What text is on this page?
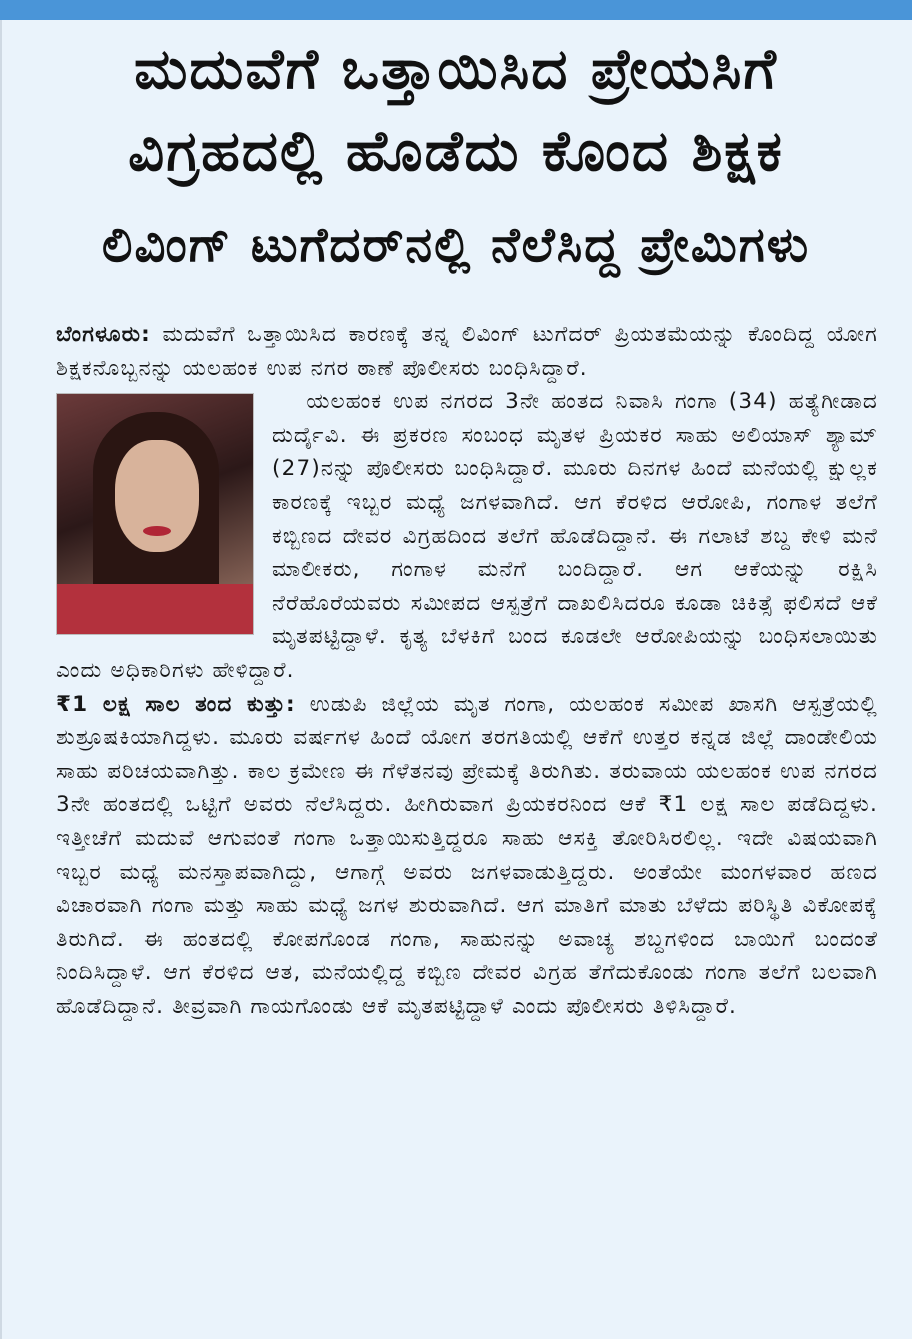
ಮದುವೆಗೆ ಒತ್ತಾಯಿಸಿದ ಪ್ರೇಯಸಿಗೆ
ವಿಗ್ರಹದಲ್ಲಿ ಹೊಡೆದು ಕೊಂದ ಶಿಕ್ಷಕ
ಲಿವಿಂಗ್ ಟುಗೆದರ್‌ನಲ್ಲಿ ನೆಲೆಸಿದ್ದ ಪ್ರೇಮಿಗಳು

ಬೆಂಗಳೂರು: ಮದುವೆಗೆ ಒತ್ತಾಯಿಸಿದ ಕಾರಣಕ್ಕೆ ತನ್ನ ಲಿವಿಂಗ್ ಟುಗೆದರ್ ಪ್ರಿಯತಮೆಯನ್ನು ಕೊಂದಿದ್ದ ಯೋಗ ಶಿಕ್ಷಕನೊಬ್ಬನನ್ನು ಯಲಹಂಕ ಉಪ ನಗರ ಠಾಣೆ ಪೊಲೀಸರು ಬಂಧಿಸಿದ್ದಾರೆ.

ಯಲಹಂಕ ಉಪ ನಗರದ 3ನೇ ಹಂತದ ನಿವಾಸಿ ಗಂಗಾ (34) ಹತ್ಯೆಗೀಡಾದ ದುರ್ದೈವಿ. ಈ ಪ್ರಕರಣ ಸಂಬಂಧ ಮೃತಳ ಪ್ರಿಯಕರ ಸಾಹು ಅಲಿಯಾಸ್ ಶ್ಯಾಮ್ (27)ನನ್ನು ಪೊಲೀಸರು ಬಂಧಿಸಿದ್ದಾರೆ. ಮೂರು ದಿನಗಳ ಹಿಂದೆ ಮನೆಯಲ್ಲಿ ಕ್ಷುಲ್ಲಕ ಕಾರಣಕ್ಕೆ ಇಬ್ಬರ ಮಧ್ಯೆ ಜಗಳವಾಗಿದೆ. ಆಗ ಕೆರಳಿದ ಆರೋಪಿ, ಗಂಗಾಳ ತಲೆಗೆ ಕಬ್ಬಿಣದ ದೇವರ ವಿಗ್ರಹದಿಂದ ತಲೆಗೆ ಹೊಡೆದಿದ್ದಾನೆ. ಈ ಗಲಾಟೆ ಶಬ್ದ ಕೇಳಿ ಮನೆ ಮಾಲೀಕರು, ಗಂಗಾಳ ಮನೆಗೆ ಬಂದಿದ್ದಾರೆ. ಆಗ ಆಕೆಯನ್ನು ರಕ್ಷಿಸಿ ನೆರೆಹೊರೆಯವರು ಸಮೀಪದ ಆಸ್ಪತ್ರೆಗೆ ದಾಖಲಿಸಿದರೂ ಕೂಡಾ ಚಿಕಿತ್ಸೆ ಫಲಿಸದೆ ಆಕೆ ಮೃತಪಟ್ಟಿದ್ದಾಳೆ. ಕೃತ್ಯ ಬೆಳಕಿಗೆ ಬಂದ ಕೂಡಲೇ ಆರೋಪಿಯನ್ನು ಬಂಧಿಸಲಾಯಿತು ಎಂದು ಅಧಿಕಾರಿಗಳು ಹೇಳಿದ್ದಾರೆ.

₹1 ಲಕ್ಷ ಸಾಲ ತಂದ ಕುತ್ತು: ಉಡುಪಿ ಜಿಲ್ಲೆಯ ಮೃತ ಗಂಗಾ, ಯಲಹಂಕ ಸಮೀಪ ಖಾಸಗಿ ಆಸ್ಪತ್ರೆಯಲ್ಲಿ ಶುಶ್ರೂಷಕಿಯಾಗಿದ್ದಳು. ಮೂರು ವರ್ಷಗಳ ಹಿಂದೆ ಯೋಗ ತರಗತಿಯಲ್ಲಿ ಆಕೆಗೆ ಉತ್ತರ ಕನ್ನಡ ಜಿಲ್ಲೆ ದಾಂಡೇಲಿಯ ಸಾಹು ಪರಿಚಯವಾಗಿತ್ತು. ಕಾಲ ಕ್ರಮೇಣ ಈ ಗೆಳೆತನವು ಪ್ರೇಮಕ್ಕೆ ತಿರುಗಿತು. ತರುವಾಯ ಯಲಹಂಕ ಉಪ ನಗರದ 3ನೇ ಹಂತದಲ್ಲಿ ಒಟ್ಟಿಗೆ ಅವರು ನೆಲೆಸಿದ್ದರು. ಹೀಗಿರುವಾಗ ಪ್ರಿಯಕರನಿಂದ ಆಕೆ ₹1 ಲಕ್ಷ ಸಾಲ ಪಡೆದಿದ್ದಳು. ಇತ್ತೀಚೆಗೆ ಮದುವೆ ಆಗುವಂತೆ ಗಂಗಾ ಒತ್ತಾಯಿಸುತ್ತಿದ್ದರೂ ಸಾಹು ಆಸಕ್ತಿ ತೋರಿಸಿರಲಿಲ್ಲ. ಇದೇ ವಿಷಯವಾಗಿ ಇಬ್ಬರ ಮಧ್ಯೆ ಮನಸ್ತಾಪವಾಗಿದ್ದು, ಆಗಾಗ್ಗೆ ಅವರು ಜಗಳವಾಡುತ್ತಿದ್ದರು. ಅಂತೆಯೇ ಮಂಗಳವಾರ ಹಣದ ವಿಚಾರವಾಗಿ ಗಂಗಾ ಮತ್ತು ಸಾಹು ಮಧ್ಯೆ ಜಗಳ ಶುರುವಾಗಿದೆ. ಆಗ ಮಾತಿಗೆ ಮಾತು ಬೆಳೆದು ಪರಿಸ್ಥಿತಿ ವಿಕೋಪಕ್ಕೆ ತಿರುಗಿದೆ. ಈ ಹಂತದಲ್ಲಿ ಕೋಪಗೊಂಡ ಗಂಗಾ, ಸಾಹುನನ್ನು ಅವಾಚ್ಯ ಶಬ್ದಗಳಿಂದ ಬಾಯಿಗೆ ಬಂದಂತೆ ನಿಂದಿಸಿದ್ದಾಳೆ. ಆಗ ಕೆರಳಿದ ಆತ, ಮನೆಯಲ್ಲಿದ್ದ ಕಬ್ಬಿಣ ದೇವರ ವಿಗ್ರಹ ತೆಗೆದುಕೊಂಡು ಗಂಗಾ ತಲೆಗೆ ಬಲವಾಗಿ ಹೊಡೆದಿದ್ದಾನೆ. ತೀವ್ರವಾಗಿ ಗಾಯಗೊಂಡು ಆಕೆ ಮೃತಪಟ್ಟಿದ್ದಾಳೆ ಎಂದು ಪೊಲೀಸರು ತಿಳಿಸಿದ್ದಾರೆ.
